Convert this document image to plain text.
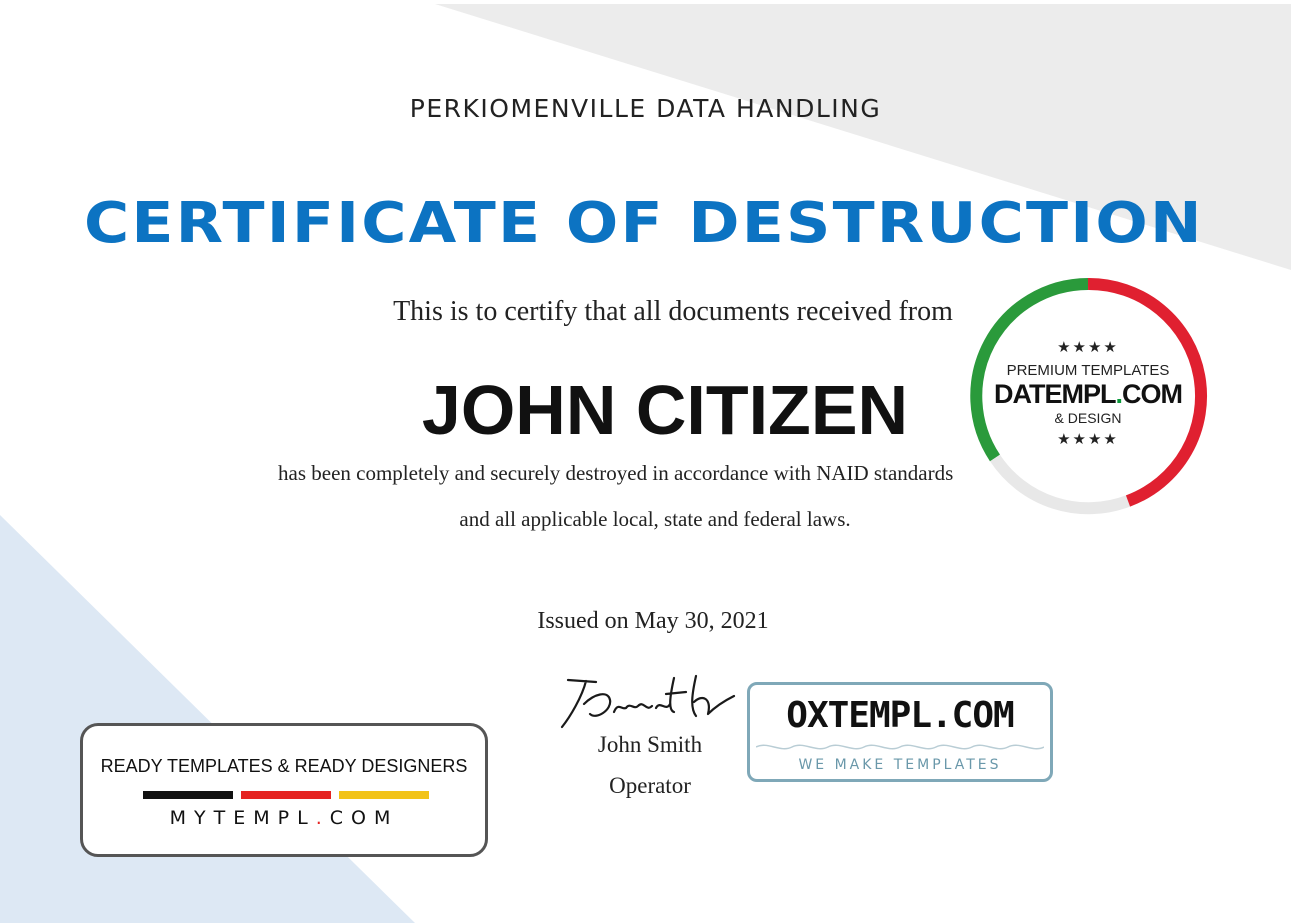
PERKIOMENVILLE DATA HANDLING
CERTIFICATE OF DESTRUCTION
This is to certify that all documents received from
JOHN CITIZEN
has been completely and securely destroyed in accordance with NAID standards
and all applicable local, state and federal laws.
Issued on May 30, 2021
John Smith
Operator
★★★★
PREMIUM TEMPLATES
DATEMPL.COM
& DESIGN
★★★★
READY TEMPLATES & READY DESIGNERS
MYTEMPL.COM
OXTEMPL.COM
WE MAKE TEMPLATES
